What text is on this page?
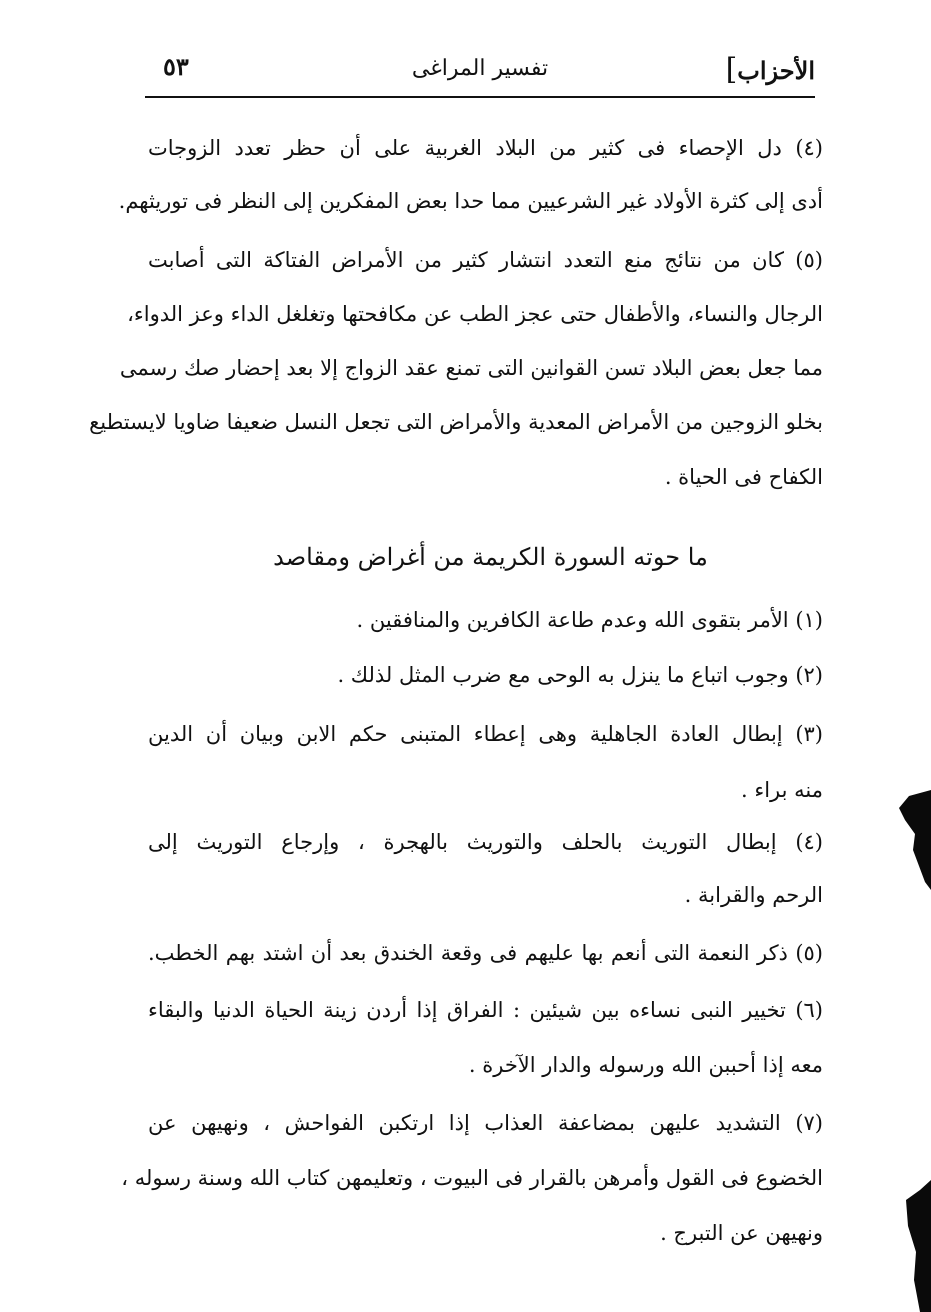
الأحزاب]
تفسير المراغى
٥٣
(٤) دل الإحصاء فى كثير من البلاد الغربية على أن حظر تعدد الزوجات
أدى إلى كثرة الأولاد غير الشرعيين مما حدا بعض المفكرين إلى النظر فى توريثهم.
(٥) كان من نتائج منع التعدد انتشار كثير من الأمراض الفتاكة التى أصابت
الرجال والنساء، والأطفال حتى عجز الطب عن مكافحتها وتغلغل الداء وعز الدواء،
مما جعل بعض البلاد تسن القوانين التى تمنع عقد الزواج إلا بعد إحضار صك رسمى
بخلو الزوجين من الأمراض المعدية والأمراض التى تجعل النسل ضعيفا ضاويا لايستطيع
الكفاح فى الحياة .
ما حوته السورة الكريمة من أغراض ومقاصد
(١) الأمر بتقوى الله وعدم طاعة الكافرين والمنافقين .
(٢) وجوب اتباع ما ينزل به الوحى مع ضرب المثل لذلك .
(٣) إبطال العادة الجاهلية وهى إعطاء المتبنى حكم الابن وبيان أن الدين
منه براء .
(٤) إبطال التوريث بالحلف والتوريث بالهجرة ، وإرجاع التوريث إلى
الرحم والقرابة .
(٥) ذكر النعمة التى أنعم بها عليهم فى وقعة الخندق بعد أن اشتد بهم الخطب.
(٦) تخيير النبى نساءه بين شيئين : الفراق إذا أردن زينة الحياة الدنيا والبقاء
معه إذا أحببن الله ورسوله والدار الآخرة .
(٧) التشديد عليهن بمضاعفة العذاب إذا ارتكبن الفواحش ، ونهيهن عن
الخضوع فى القول وأمرهن بالقرار فى البيوت ، وتعليمهن كتاب الله وسنة رسوله ،
ونهيهن عن التبرج .
